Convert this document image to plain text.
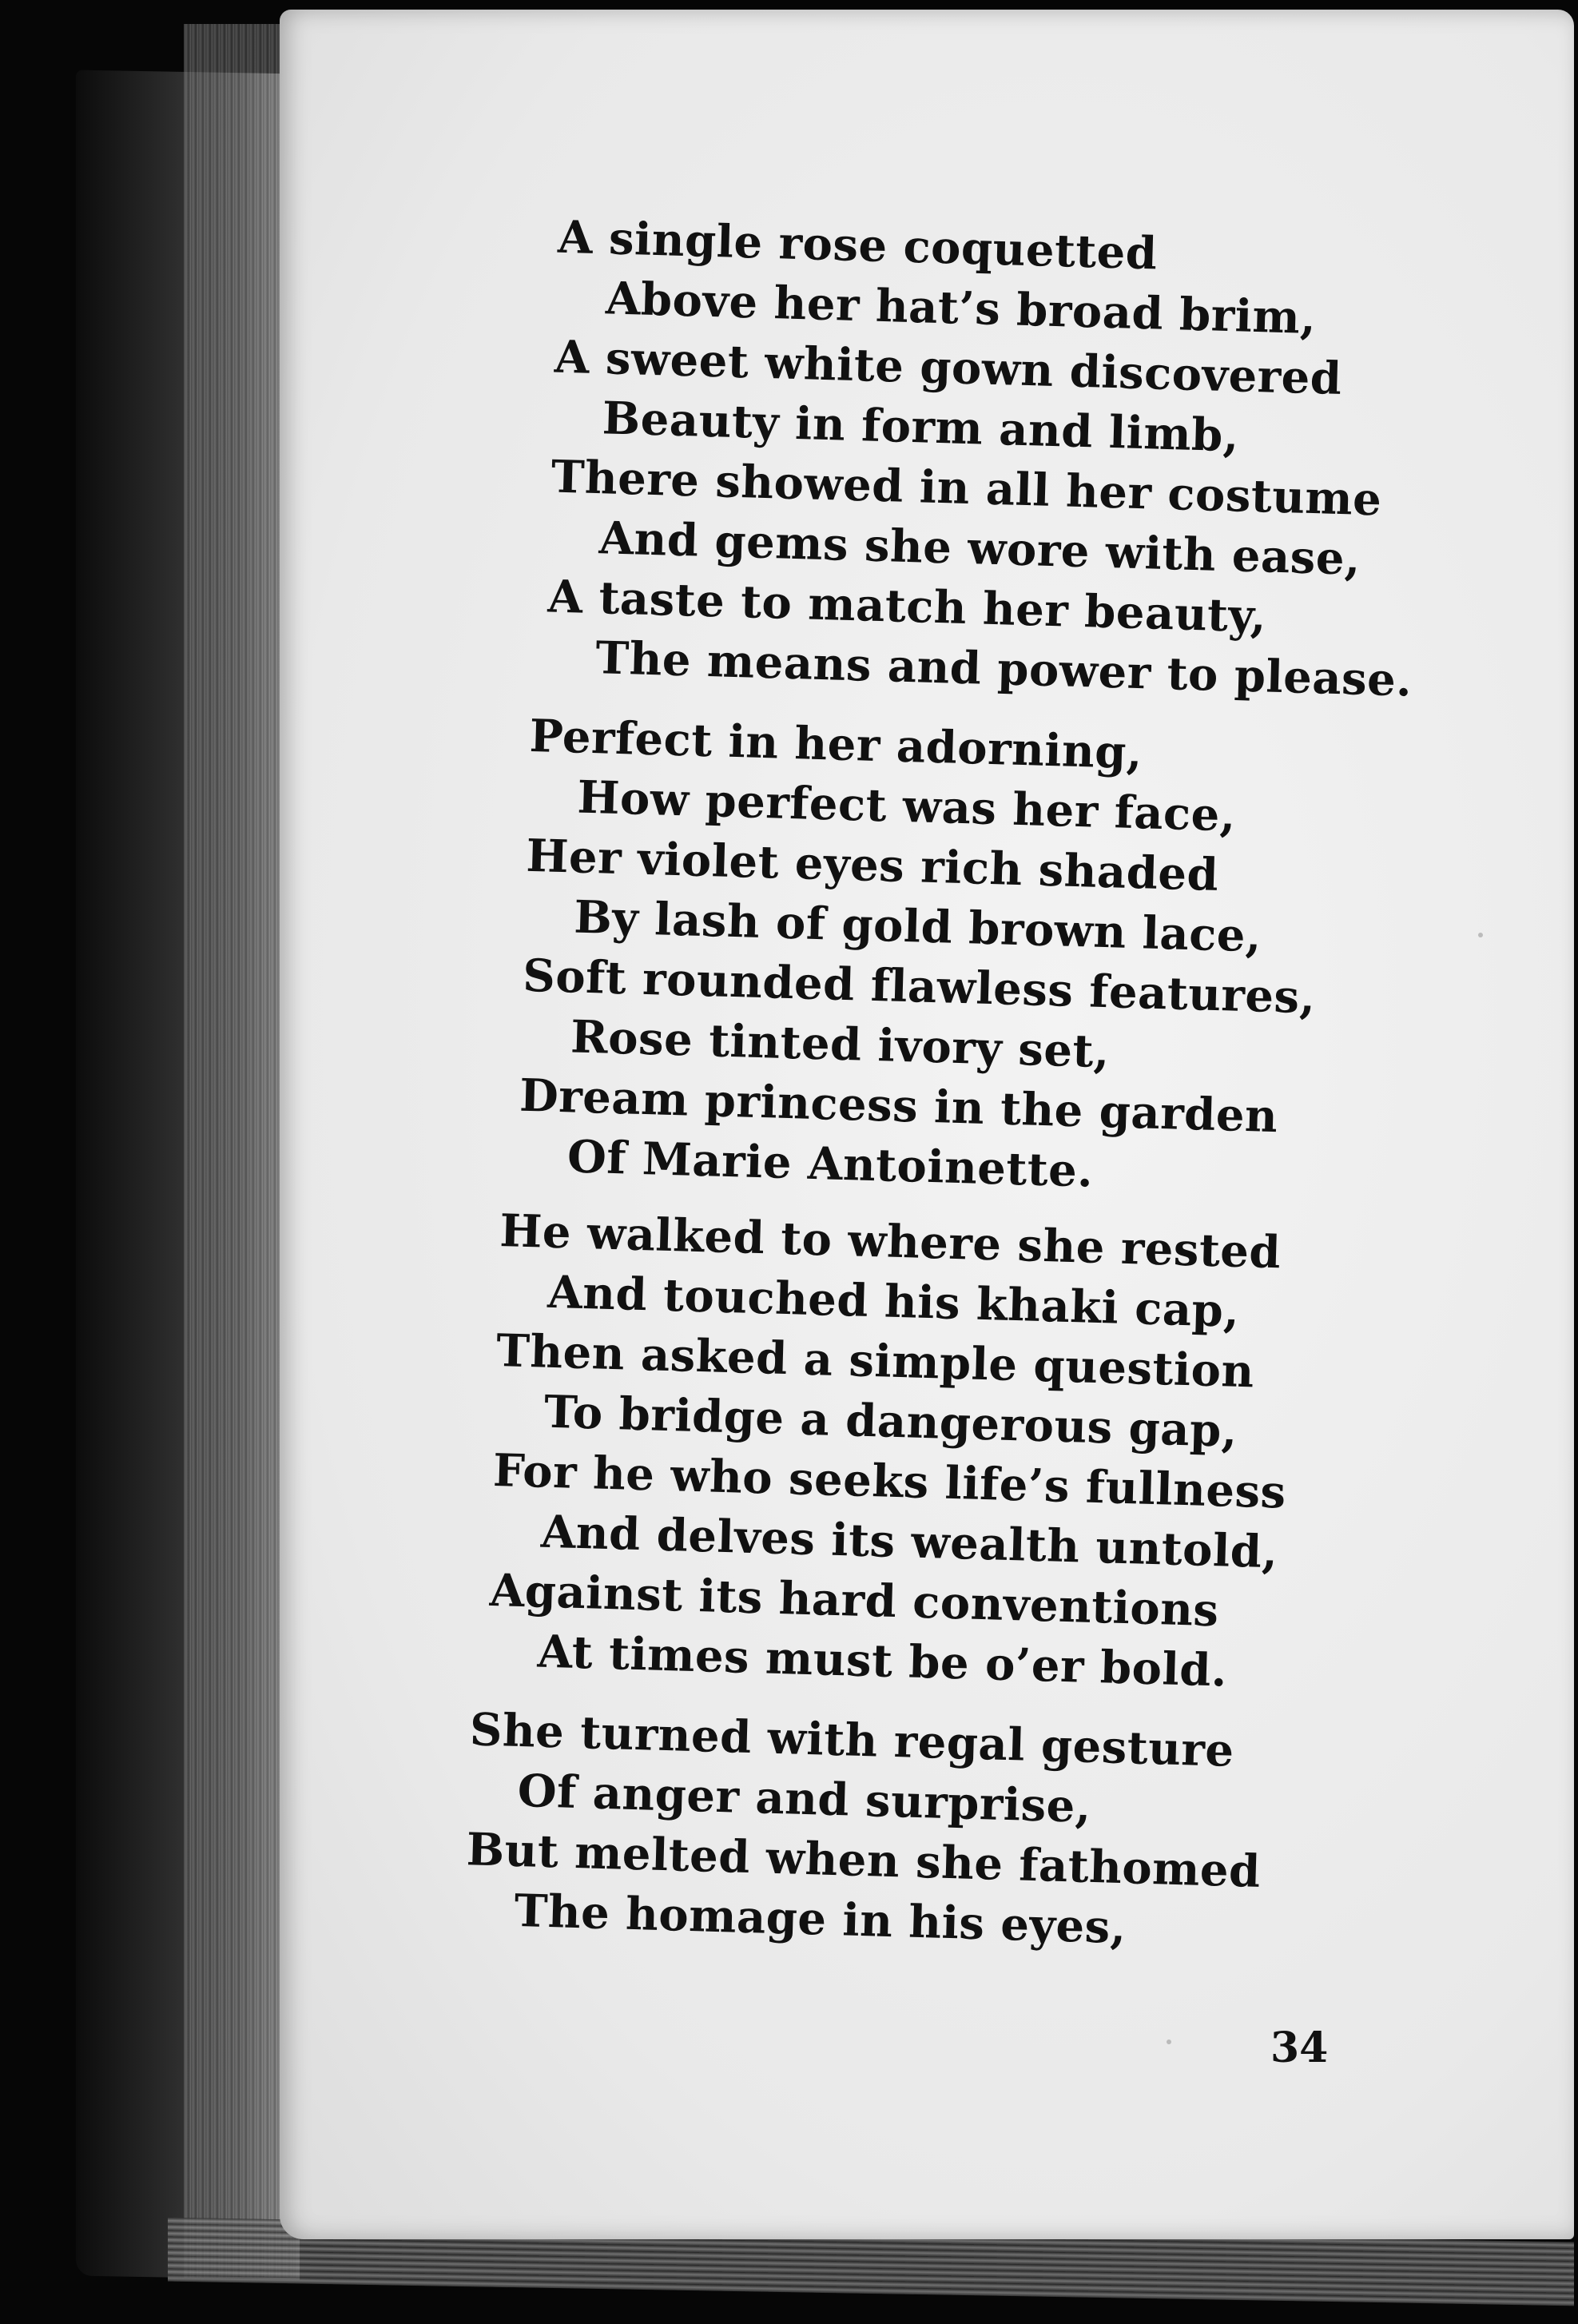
A single rose coquetted
Above her hat’s broad brim,
A sweet white gown discovered
Beauty in form and limb,
There showed in all her costume
And gems she wore with ease,
A taste to match her beauty,
The means and power to please.
Perfect in her adorning,
How perfect was her face,
Her violet eyes rich shaded
By lash of gold brown lace,
Soft rounded flawless features,
Rose tinted ivory set,
Dream princess in the garden
Of Marie Antoinette.
He walked to where she rested
And touched his khaki cap,
Then asked a simple question
To bridge a dangerous gap,
For he who seeks life’s fullness
And delves its wealth untold,
Against its hard conventions
At times must be o’er bold.
She turned with regal gesture
Of anger and surprise,
But melted when she fathomed
The homage in his eyes,
34
